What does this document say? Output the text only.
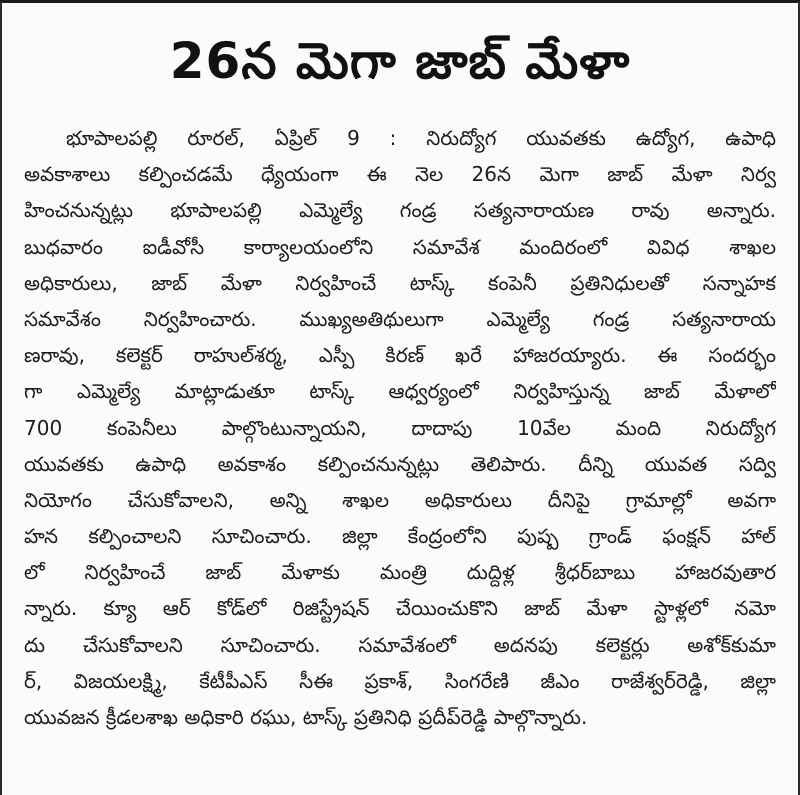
26న మెగా జాబ్ మేళా
భూపాలపల్లి రూరల్, ఏప్రిల్ 9 : నిరుద్యోగ యువతకు ఉద్యోగ, ఉపాధి
అవకాశాలు కల్పించడమే ధ్యేయంగా ఈ నెల 26న మెగా జాబ్ మేళా నిర్వ
హించనున్నట్లు భూపాలపల్లి ఎమ్మెల్యే గండ్ర సత్యనారాయణ రావు అన్నారు.
బుధవారం ఐడీవోసీ కార్యాలయంలోని సమావేశ మందిరంలో వివిధ శాఖల
అధికారులు, జాబ్ మేళా నిర్వహించే టాస్క్ కంపెనీ ప్రతినిధులతో సన్నాహక
సమావేశం నిర్వహించారు. ముఖ్యఅతిథులుగా ఎమ్మెల్యే గండ్ర సత్యనారాయ
ణరావు, కలెక్టర్ రాహుల్‌శర్మ, ఎస్పీ కిరణ్ ఖరే హాజరయ్యారు. ఈ సందర్భం
గా ఎమ్మెల్యే మాట్లాడుతూ టాస్క్ ఆధ్వర్యంలో నిర్వహిస్తున్న జాబ్ మేళాలో
700 కంపెనీలు పాల్గొంటున్నాయని, దాదాపు 10వేల మంది నిరుద్యోగ
యువతకు ఉపాధి అవకాశం కల్పించనున్నట్లు తెలిపారు. దీన్ని యువత సద్వి
నియోగం చేసుకోవాలని, అన్ని శాఖల అధికారులు దీనిపై గ్రామాల్లో అవగా
హన కల్పించాలని సూచించారు. జిల్లా కేంద్రంలోని పుష్ప గ్రాండ్ ఫంక్షన్ హాల్
లో నిర్వహించే జాబ్ మేళాకు మంత్రి దుద్దిళ్ల శ్రీధర్‌బాబు హాజరవుతార
న్నారు. క్యూ ఆర్ కోడ్‌లో రిజిస్ట్రేషన్ చేయించుకొని జాబ్ మేళా స్టాళ్లలో నమో
దు చేసుకోవాలని సూచించారు. సమావేశంలో అదనపు కలెక్టర్లు అశోక్‌కుమా
ర్, విజయలక్ష్మి, కేటీపీఎస్ సీఈ ప్రకాశ్, సింగరేణి జీఎం రాజేశ్వర్‌రెడ్డి, జిల్లా
యువజన క్రీడలశాఖ అధికారి రఘు, టాస్క్ ప్రతినిధి ప్రదీప్‌రెడ్డి పాల్గొన్నారు.
